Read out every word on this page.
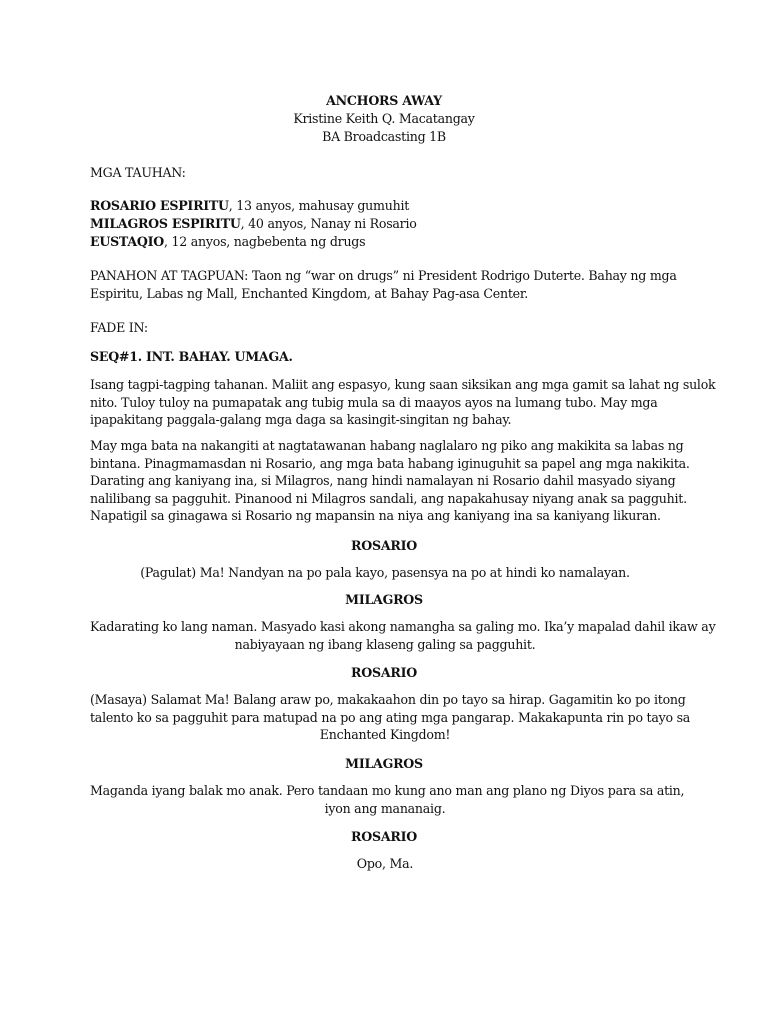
ANCHORS AWAY
Kristine Keith Q. Macatangay
BA Broadcasting 1B
MGA TAUHAN:
ROSARIO ESPIRITU, 13 anyos, mahusay gumuhit
MILAGROS ESPIRITU, 40 anyos, Nanay ni Rosario
EUSTAQIO, 12 anyos, nagbebenta ng drugs
PANAHON AT TAGPUAN: Taon ng “war on drugs” ni President Rodrigo Duterte. Bahay ng mga
Espiritu, Labas ng Mall, Enchanted Kingdom, at Bahay Pag-asa Center.
FADE IN:
SEQ#1. INT. BAHAY. UMAGA.
Isang tagpi-tagping tahanan. Maliit ang espasyo, kung saan siksikan ang mga gamit sa lahat ng sulok
nito. Tuloy tuloy na pumapatak ang tubig mula sa di maayos ayos na lumang tubo. May mga
ipapakitang paggala-galang mga daga sa kasingit-singitan ng bahay.
May mga bata na nakangiti at nagtatawanan habang naglalaro ng piko ang makikita sa labas ng
bintana. Pinagmamasdan ni Rosario, ang mga bata habang iginuguhit sa papel ang mga nakikita.
Darating ang kaniyang ina, si Milagros, nang hindi namalayan ni Rosario dahil masyado siyang
nalilibang sa pagguhit. Pinanood ni Milagros sandali, ang napakahusay niyang anak sa pagguhit.
Napatigil sa ginagawa si Rosario ng mapansin na niya ang kaniyang ina sa kaniyang likuran.
ROSARIO
(Pagulat) Ma! Nandyan na po pala kayo, pasensya na po at hindi ko namalayan.
MILAGROS
Kadarating ko lang naman. Masyado kasi akong namangha sa galing mo. Ika’y mapalad dahil ikaw ay
nabiyayaan ng ibang klaseng galing sa pagguhit.
ROSARIO
(Masaya) Salamat Ma! Balang araw po, makakaahon din po tayo sa hirap. Gagamitin ko po itong
talento ko sa pagguhit para matupad na po ang ating mga pangarap. Makakapunta rin po tayo sa
Enchanted Kingdom!
MILAGROS
Maganda iyang balak mo anak. Pero tandaan mo kung ano man ang plano ng Diyos para sa atin,
iyon ang mananaig.
ROSARIO
Opo, Ma.
